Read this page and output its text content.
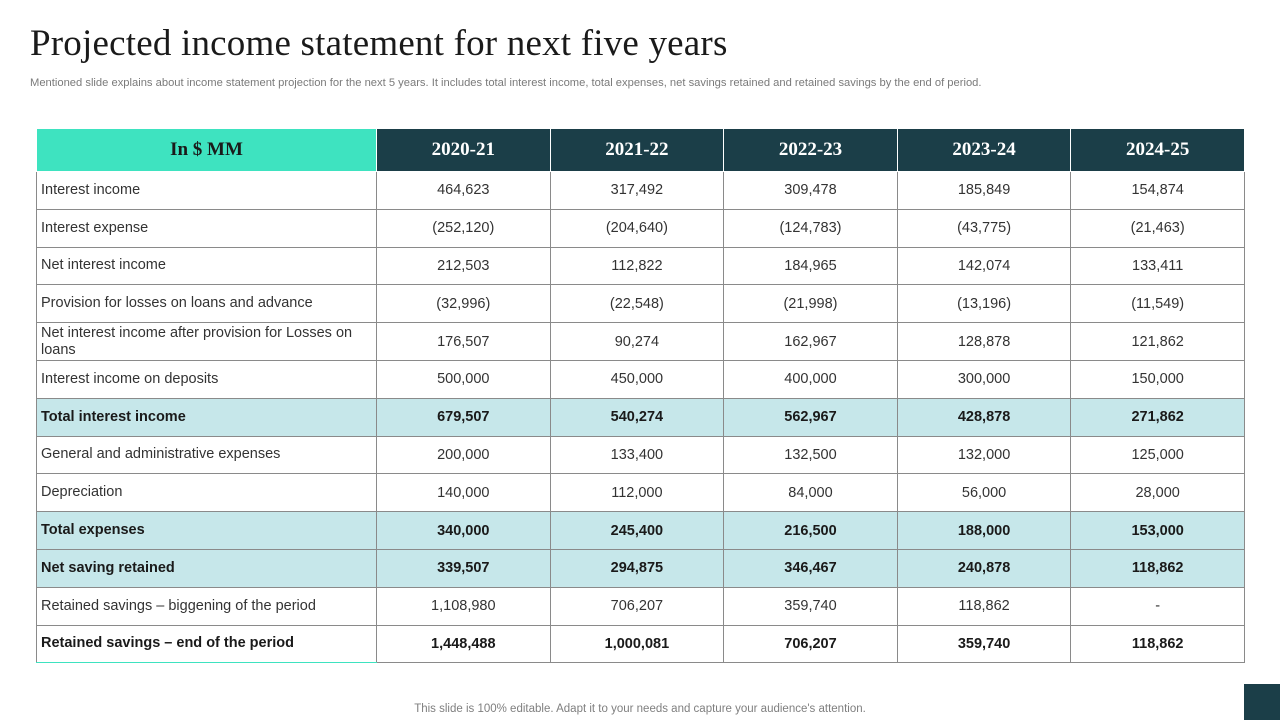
Projected income statement for next five years

Mentioned slide explains about income statement projection for the next 5 years. It includes total interest income, total expenses, net savings retained and retained savings by the end of period.

In $ MM	2020-21	2021-22	2022-23	2023-24	2024-25
Interest income	464,623	317,492	309,478	185,849	154,874
Interest expense	(252,120)	(204,640)	(124,783)	(43,775)	(21,463)
Net interest income	212,503	112,822	184,965	142,074	133,411
Provision for losses on loans and advance	(32,996)	(22,548)	(21,998)	(13,196)	(11,549)
Net interest income after provision for Losses on loans	176,507	90,274	162,967	128,878	121,862
Interest income on deposits	500,000	450,000	400,000	300,000	150,000
Total interest income	679,507	540,274	562,967	428,878	271,862
General and administrative expenses	200,000	133,400	132,500	132,000	125,000
Depreciation	140,000	112,000	84,000	56,000	28,000
Total expenses	340,000	245,400	216,500	188,000	153,000
Net saving retained	339,507	294,875	346,467	240,878	118,862
Retained savings – biggening of the period	1,108,980	706,207	359,740	118,862	-
Retained savings – end of the period	1,448,488	1,000,081	706,207	359,740	118,862

This slide is 100% editable. Adapt it to your needs and capture your audience's attention.
